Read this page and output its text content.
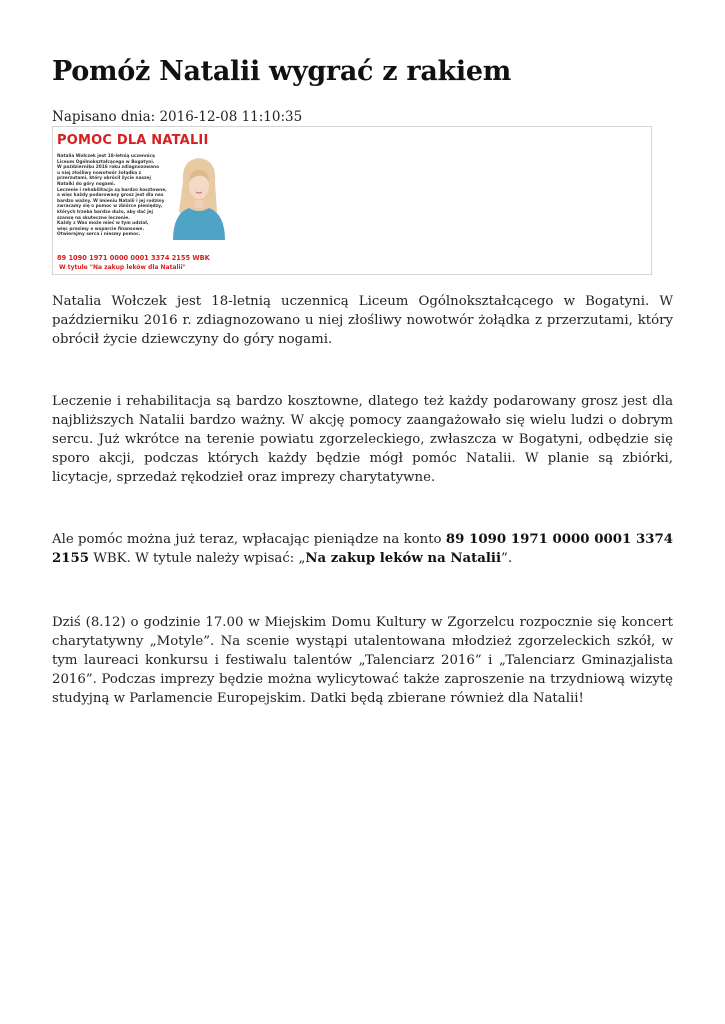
Pomóż Natalii wygrać z rakiem
Napisano dnia: 2016-12-08 11:10:35
POMOC DLA NATALII
Natalia Wołczek jest 18-letnią uczennicą
Liceum Ogólnokształcącego w Bogatyni.
W październiku 2016 roku zdiagnozowano
u niej złośliwy nowotwór żołądka z
przerzutami, który obrócił życie naszej
Natalki do góry nogami.
Leczenie i rehabilitacja są bardzo kosztowne,
a więc każdy podarowany grosz jest dla nas
bardzo ważny. W imieniu Natalii i jej rodziny
zwracamy się o pomoc w zbiórce pieniędzy,
których trzeba bardzo dużo, aby dać jej
szansę na skuteczne leczenie.
Każdy z Was może mieć w tym udział,
więc prosimy o wsparcie finansowe.
Otwierajmy serca i niesmy pomoc.
89 1090 1971 0000 0001 3374 2155 WBK
W tytule "Na zakup leków dla Natalii"

Natalia Wołczek jest 18-letnią uczennicą Liceum Ogólnokształcącego w Bogatyni. W październiku 2016 r. zdiagnozowano u niej złośliwy nowotwór żołądka z przerzutami, który obrócił życie dziewczyny do góry nogami.

Leczenie i rehabilitacja są bardzo kosztowne, dlatego też każdy podarowany grosz jest dla najbliższych Natalii bardzo ważny. W akcję pomocy zaangażowało się wielu ludzi o dobrym sercu. Już wkrótce na terenie powiatu zgorzeleckiego, zwłaszcza w Bogatyni, odbędzie się sporo akcji, podczas których każdy będzie mógł pomóc Natalii. W planie są zbiórki, licytacje, sprzedaż rękodzieł oraz imprezy charytatywne.

Ale pomóc można już teraz, wpłacając pieniądze na konto 89 1090 1971 0000 0001 3374 2155 WBK. W tytule należy wpisać: „Na zakup leków na Natalii”.

Dziś (8.12) o godzinie 17.00 w Miejskim Domu Kultury w Zgorzelcu rozpocznie się koncert charytatywny „Motyle”. Na scenie wystąpi utalentowana młodzież zgorzeleckich szkół, w tym laureaci konkursu i festiwalu talentów „Talenciarz 2016” i „Talenciarz Gminazjalista 2016”. Podczas imprezy będzie można wylicytować także zaproszenie na trzydniową wizytę studyjną w Parlamencie Europejskim. Datki będą zbierane również dla Natalii!
